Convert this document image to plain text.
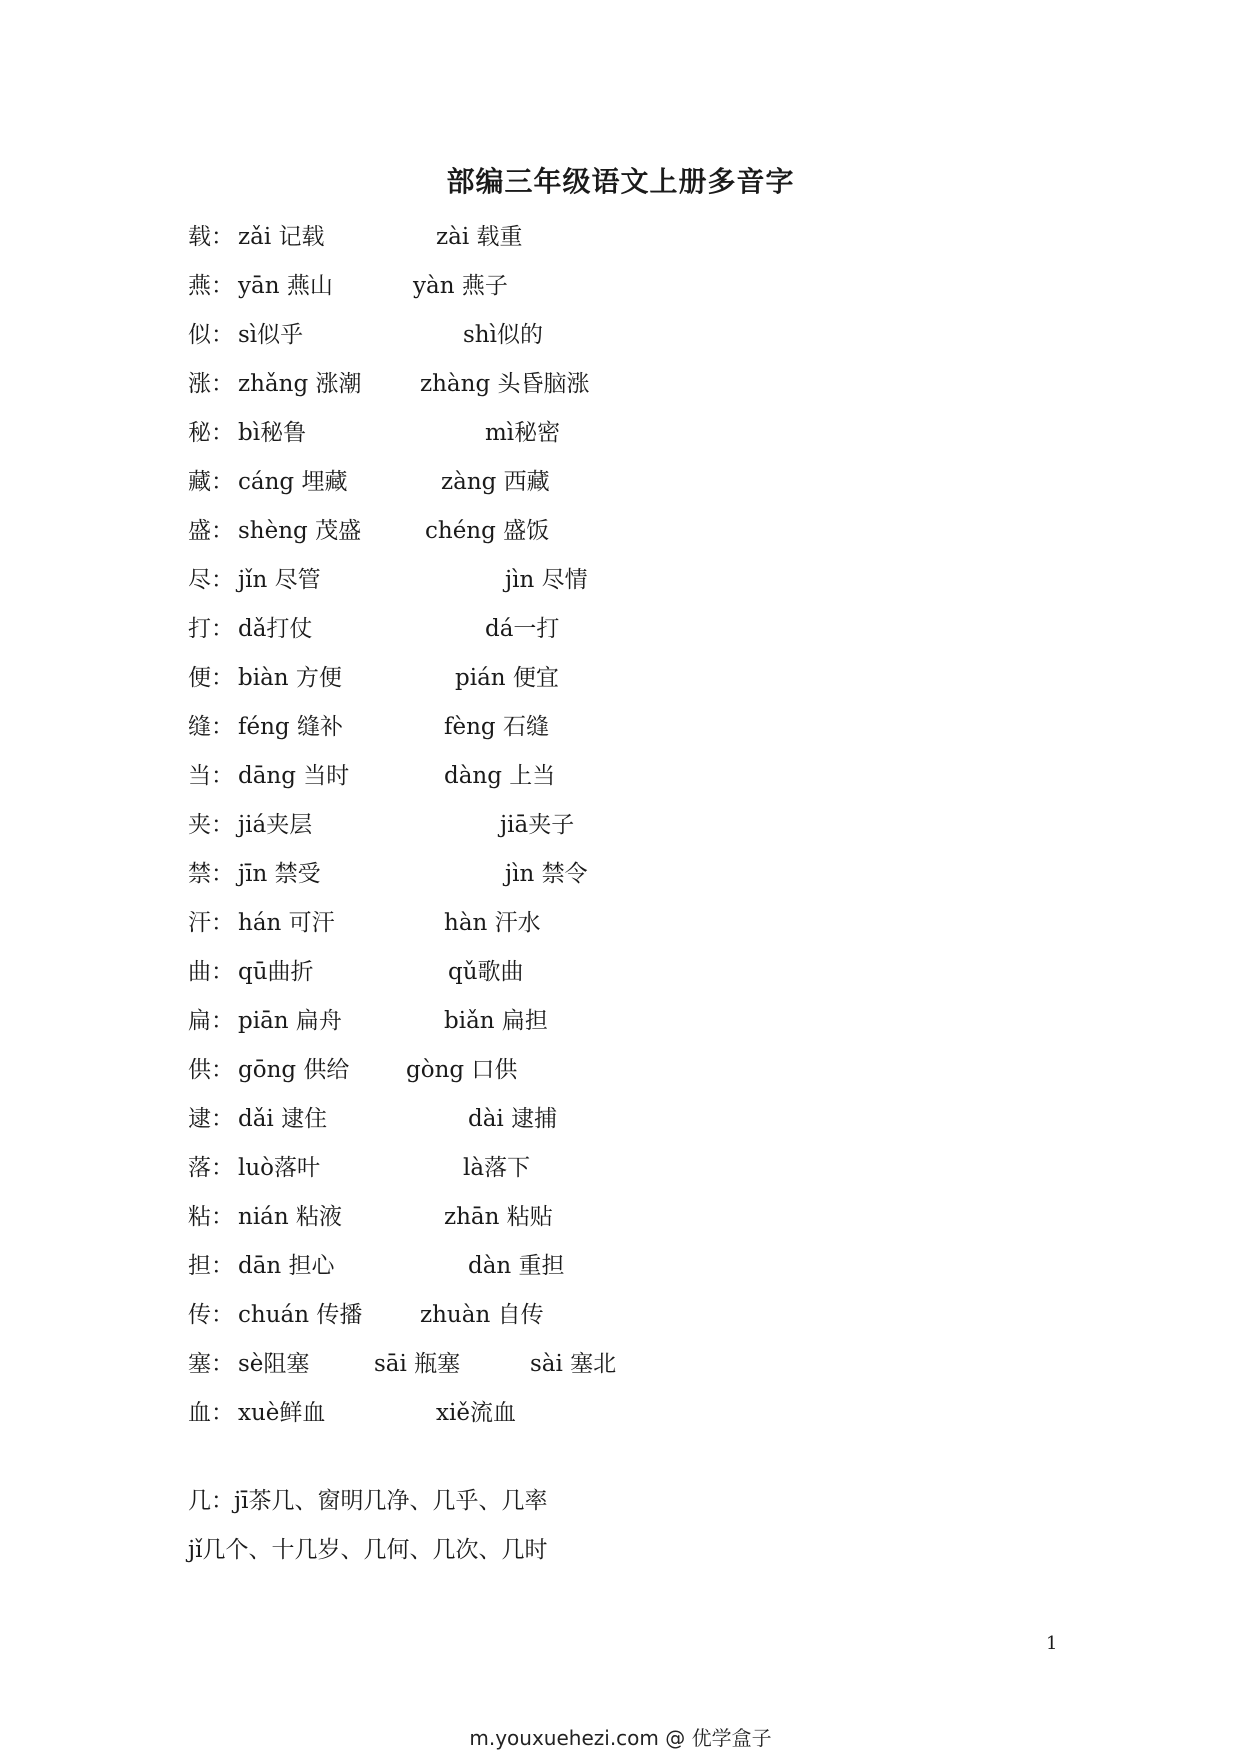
部编三年级语文上册多音字
载： zǎi 记载	zài 载重
燕： yān 燕山	yàn 燕子
似： sì似乎	shì似的
涨： zhǎng 涨潮	zhàng 头昏脑涨
秘： bì秘鲁	mì秘密
藏： cáng 埋藏	zàng 西藏
盛： shèng 茂盛	chéng 盛饭
尽： jǐn 尽管	jìn 尽情
打： dǎ打仗	dá一打
便： biàn 方便	pián 便宜
缝： féng 缝补	fèng 石缝
当： dāng 当时	dàng 上当
夹： jiá夹层	jiā夹子
禁： jīn 禁受	jìn 禁令
汗： hán 可汗	hàn 汗水
曲： qū曲折	qǔ歌曲
扁： piān 扁舟	biǎn 扁担
供： gōng 供给 gòng 口供
逮： dǎi 逮住	dài 逮捕
落： luò落叶	là落下
粘： nián 粘液	zhān 粘贴
担： dān 担心	dàn 重担
传： chuán 传播	zhuàn 自传
塞： sè阻塞	sāi 瓶塞	sài 塞北
血： xuè鲜血	xiě流血
几：jī茶几、窗明几净、几乎、几率
jǐ几个、十几岁、几何、几次、几时
1
m.youxuehezi.com @ 优学盒子
